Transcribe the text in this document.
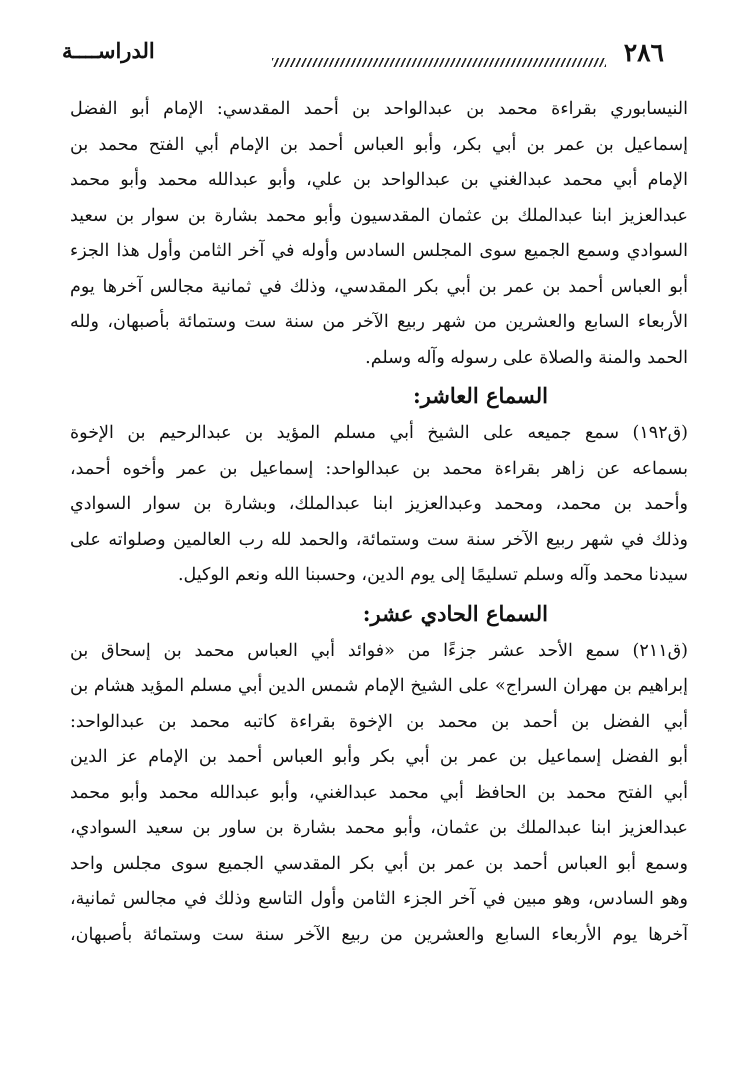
٢٨٦
الدراســــة
النيسابوري بقراءة محمد بن عبدالواحد بن أحمد المقدسي: الإمام أبو الفضل
إسماعيل بن عمر بن أبي بكر، وأبو العباس أحمد بن الإمام أبي الفتح محمد بن
الإمام أبي محمد عبدالغني بن عبدالواحد بن علي، وأبو عبدالله محمد وأبو محمد
عبدالعزيز ابنا عبدالملك بن عثمان المقدسيون وأبو محمد بشارة بن سوار بن سعيد
السوادي وسمع الجميع سوى المجلس السادس وأوله في آخر الثامن وأول هذا الجزء
أبو العباس أحمد بن عمر بن أبي بكر المقدسي، وذلك في ثمانية مجالس آخرها يوم
الأربعاء السابع والعشرين من شهر ربيع الآخر من سنة ست وستمائة بأصبهان، ولله
الحمد والمنة والصلاة على رسوله وآله وسلم.
السماع العاشر:
(ق١٩٢) سمع جميعه على الشيخ أبي مسلم المؤيد بن عبدالرحيم بن الإخوة
بسماعه عن زاهر بقراءة محمد بن عبدالواحد: إسماعيل بن عمر وأخوه أحمد،
وأحمد بن محمد، ومحمد وعبدالعزيز ابنا عبدالملك، وبشارة بن سوار السوادي
وذلك في شهر ربيع الآخر سنة ست وستمائة، والحمد لله رب العالمين وصلواته على
سيدنا محمد وآله وسلم تسليمًا إلى يوم الدين، وحسبنا الله ونعم الوكيل.
السماع الحادي عشر:
(ق٢١١) سمع الأحد عشر جزءًا من «فوائد أبي العباس محمد بن إسحاق بن
إبراهيم بن مهران السراج» على الشيخ الإمام شمس الدين أبي مسلم المؤيد هشام بن
أبي الفضل بن أحمد بن محمد بن الإخوة بقراءة كاتبه محمد بن عبدالواحد:
أبو الفضل إسماعيل بن عمر بن أبي بكر وأبو العباس أحمد بن الإمام عز الدين
أبي الفتح محمد بن الحافظ أبي محمد عبدالغني، وأبو عبدالله محمد وأبو محمد
عبدالعزيز ابنا عبدالملك بن عثمان، وأبو محمد بشارة بن ساور بن سعيد السوادي،
وسمع أبو العباس أحمد بن عمر بن أبي بكر المقدسي الجميع سوى مجلس واحد
وهو السادس، وهو مبين في آخر الجزء الثامن وأول التاسع وذلك في مجالس ثمانية،
آخرها يوم الأربعاء السابع والعشرين من ربيع الآخر سنة ست وستمائة بأصبهان،
